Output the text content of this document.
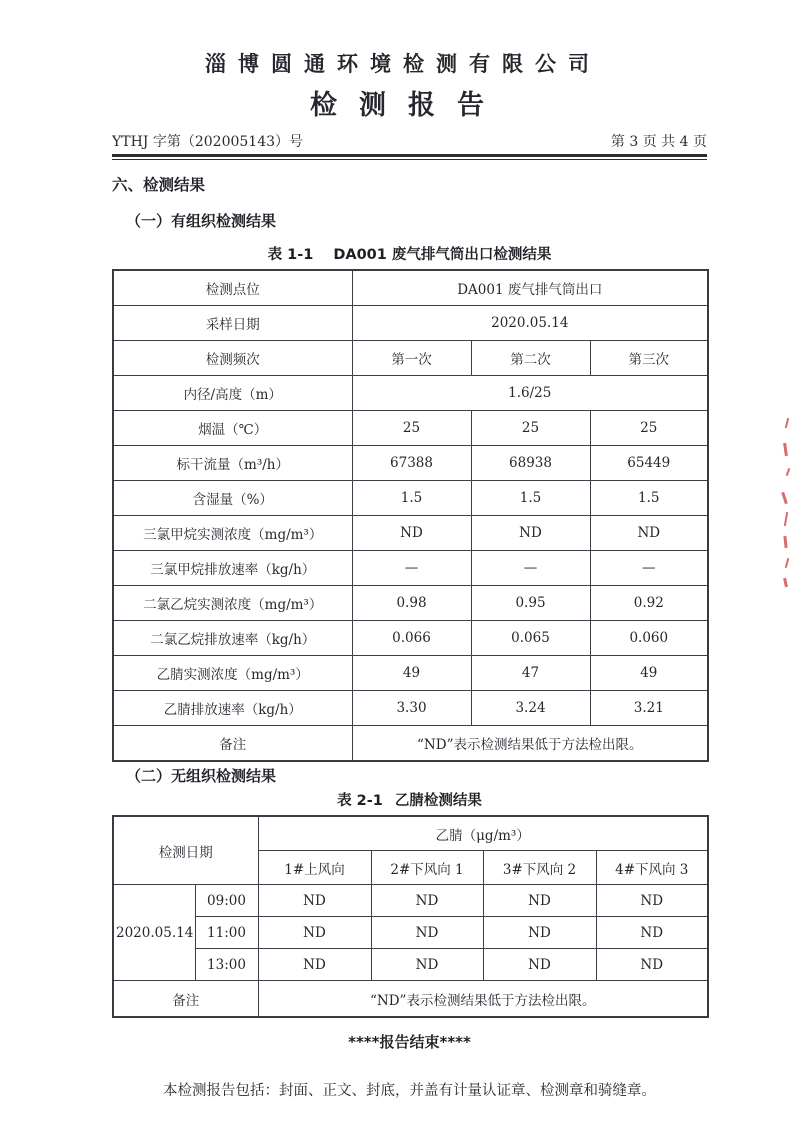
淄博圆通环境检测有限公司
检测报告
YTHJ 字第（202005143）号	第 3 页 共 4 页
六、检测结果
（一）有组织检测结果
表 1-1 DA001 废气排气筒出口检测结果
检测点位	DA001 废气排气筒出口		
采样日期	2020.05.14		
检测频次	第一次	第二次	第三次
内径/高度（m）	1.6/25		
烟温（℃）	25	25	25
标干流量（m³/h）	67388	68938	65449
含湿量（%）	1.5	1.5	1.5
三氯甲烷实测浓度（mg/m³）	ND	ND	ND
三氯甲烷排放速率（kg/h）	—	—	—
二氯乙烷实测浓度（mg/m³）	0.98	0.95	0.92
二氯乙烷排放速率（kg/h）	0.066	0.065	0.060
乙腈实测浓度（mg/m³）	49	47	49
乙腈排放速率（kg/h）	3.30	3.24	3.21
备注	“ND”表示检测结果低于方法检出限。		
（二）无组织检测结果
表 2-1 乙腈检测结果
检测日期		乙腈（μg/m³）			
		1#上风向	2#下风向 1	3#下风向 2	4#下风向 3
2020.05.14	09:00	ND	ND	ND	ND
	11:00	ND	ND	ND	ND
	13:00	ND	ND	ND	ND
备注		“ND”表示检测结果低于方法检出限。			
****报告结束****
本检测报告包括：封面、正文、封底，并盖有计量认证章、检测章和骑缝章。
